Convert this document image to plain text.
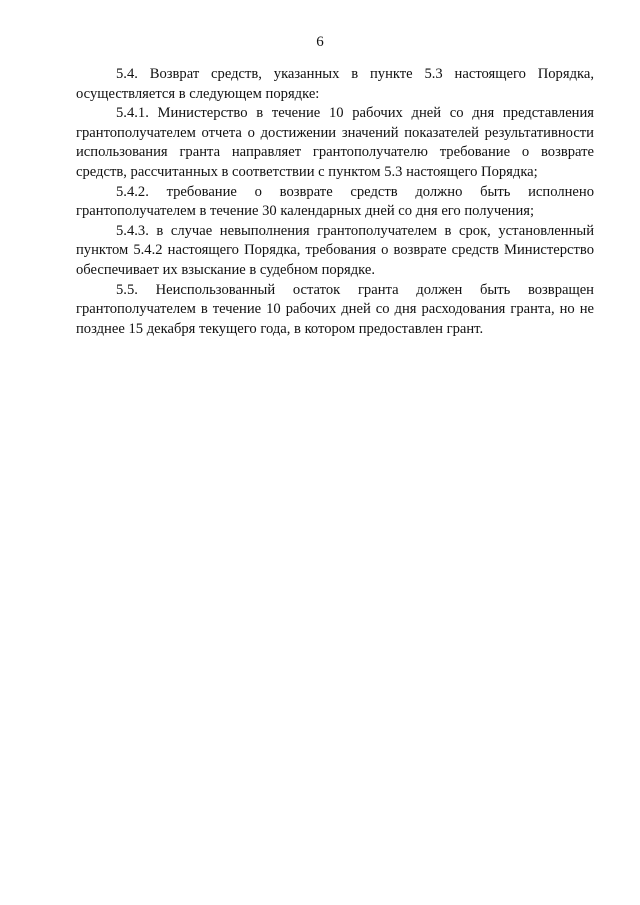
6

5.4. Возврат средств, указанных в пункте 5.3 настоящего Порядка, осуществляется в следующем порядке:

5.4.1. Министерство в течение 10 рабочих дней со дня представления грантополучателем отчета о достижении значений показателей результативности использования гранта направляет грантополучателю требование о возврате средств, рассчитанных в соответствии с пунктом 5.3 настоящего Порядка;

5.4.2. требование о возврате средств должно быть исполнено грантополучателем в течение 30 календарных дней со дня его получения;

5.4.3. в случае невыполнения грантополучателем в срок, установленный пунктом 5.4.2 настоящего Порядка, требования о возврате средств Министерство обеспечивает их взыскание в судебном порядке.

5.5. Неиспользованный остаток гранта должен быть возвращен грантополучателем в течение 10 рабочих дней со дня расходования гранта, но не позднее 15 декабря текущего года, в котором предоставлен грант.
